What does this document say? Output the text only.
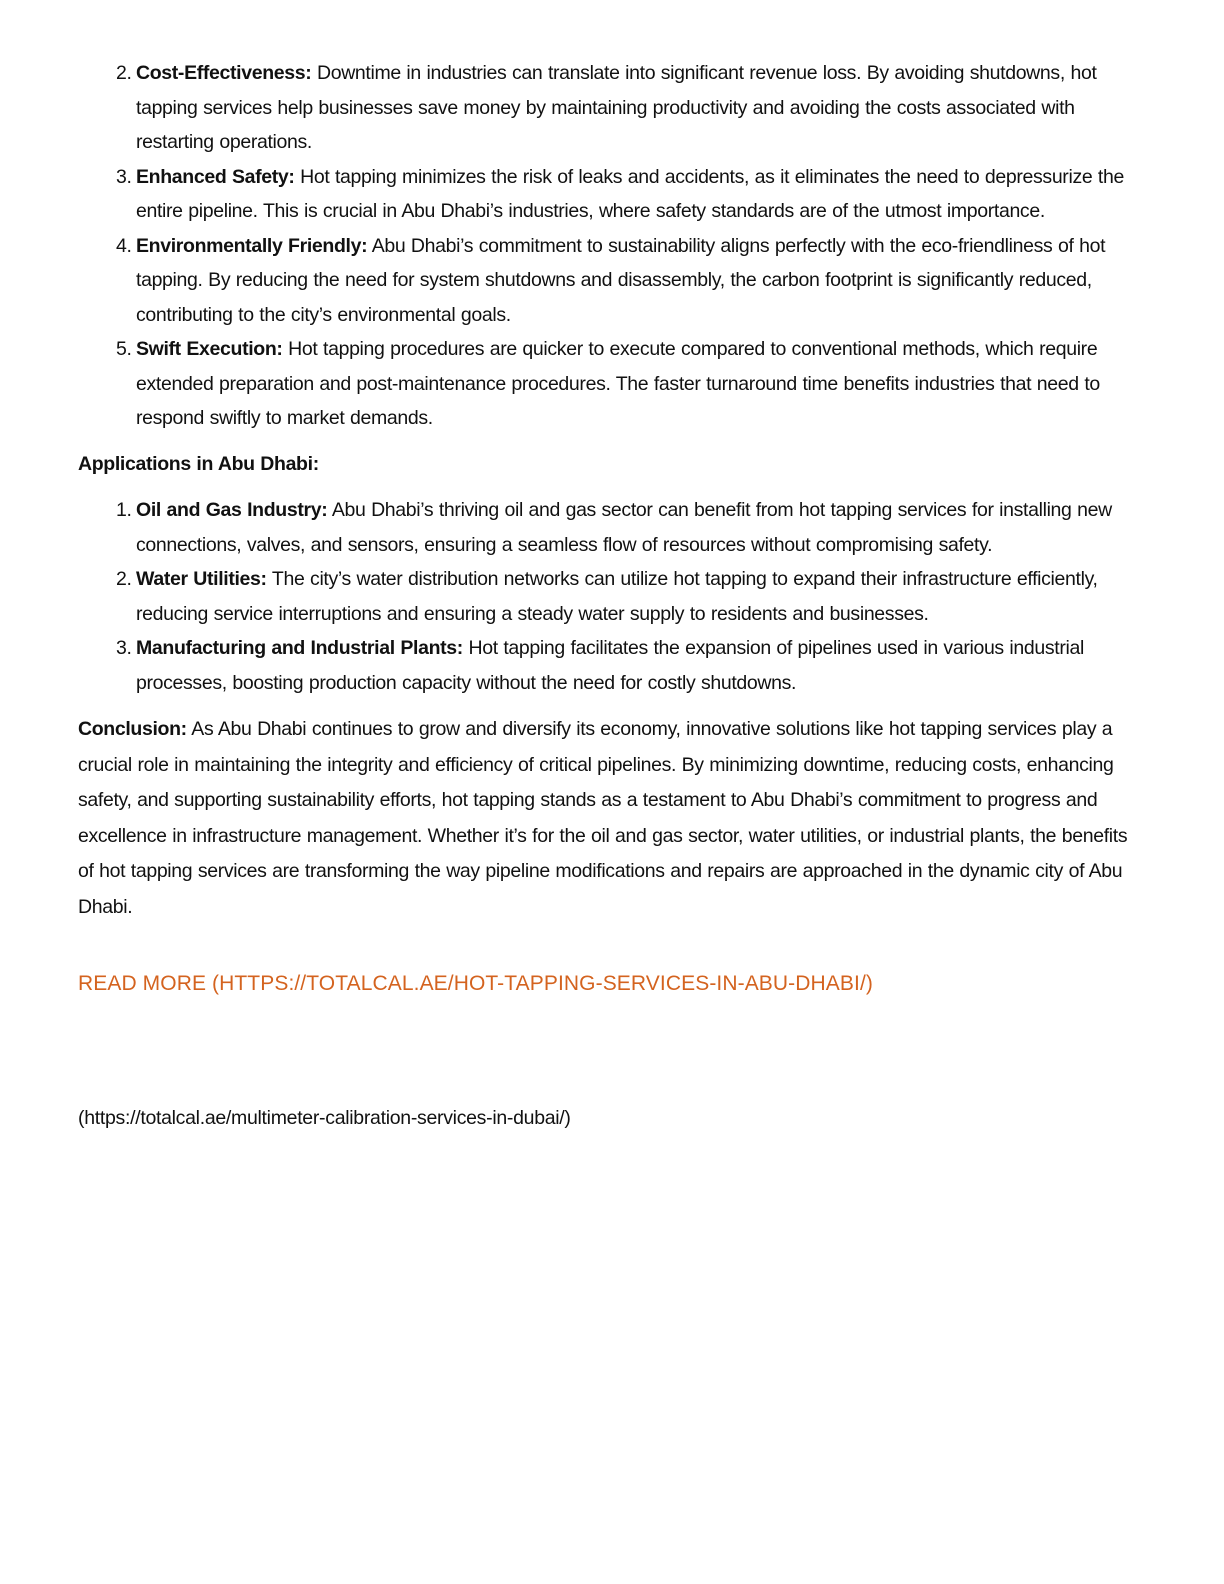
2. Cost-Effectiveness: Downtime in industries can translate into significant revenue loss. By avoiding shutdowns, hot tapping services help businesses save money by maintaining productivity and avoiding the costs associated with restarting operations.
3. Enhanced Safety: Hot tapping minimizes the risk of leaks and accidents, as it eliminates the need to depressurize the entire pipeline. This is crucial in Abu Dhabi’s industries, where safety standards are of the utmost importance.
4. Environmentally Friendly: Abu Dhabi’s commitment to sustainability aligns perfectly with the eco-friendliness of hot tapping. By reducing the need for system shutdowns and disassembly, the carbon footprint is significantly reduced, contributing to the city’s environmental goals.
5. Swift Execution: Hot tapping procedures are quicker to execute compared to conventional methods, which require extended preparation and post-maintenance procedures. The faster turnaround time benefits industries that need to respond swiftly to market demands.
Applications in Abu Dhabi:
1. Oil and Gas Industry: Abu Dhabi’s thriving oil and gas sector can benefit from hot tapping services for installing new connections, valves, and sensors, ensuring a seamless flow of resources without compromising safety.
2. Water Utilities: The city’s water distribution networks can utilize hot tapping to expand their infrastructure efficiently, reducing service interruptions and ensuring a steady water supply to residents and businesses.
3. Manufacturing and Industrial Plants: Hot tapping facilitates the expansion of pipelines used in various industrial processes, boosting production capacity without the need for costly shutdowns.

Conclusion: As Abu Dhabi continues to grow and diversify its economy, innovative solutions like hot tapping services play a crucial role in maintaining the integrity and efficiency of critical pipelines. By minimizing downtime, reducing costs, enhancing safety, and supporting sustainability efforts, hot tapping stands as a testament to Abu Dhabi’s commitment to progress and excellence in infrastructure management. Whether it’s for the oil and gas sector, water utilities, or industrial plants, the benefits of hot tapping services are transforming the way pipeline modifications and repairs are approached in the dynamic city of Abu Dhabi.

READ MORE (HTTPS://TOTALCAL.AE/HOT-TAPPING-SERVICES-IN-ABU-DHABI/)
(https://totalcal.ae/multimeter-calibration-services-in-dubai/)
